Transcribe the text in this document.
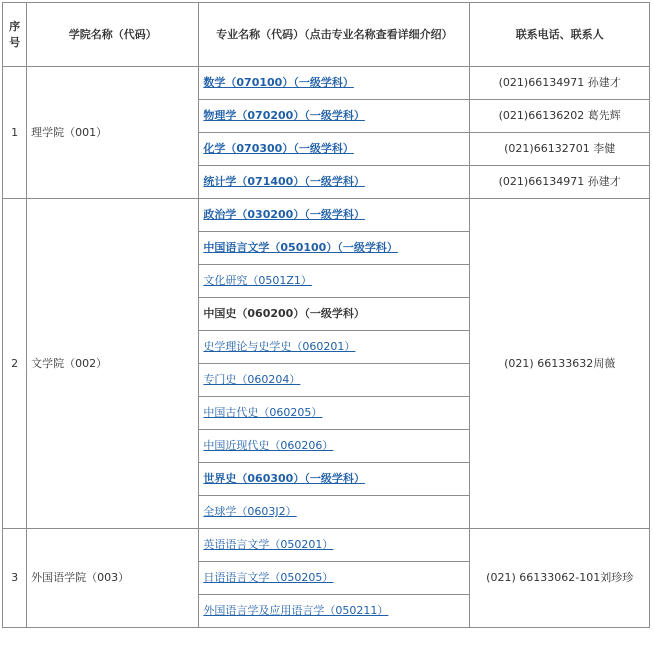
序号	学院名称（代码）	专业名称（代码）（点击专业名称查看详细介绍）	联系电话、联系人
1	理学院（001）	数学（070100）（一级学科）	(021)66134971 孙建才
		物理学（070200）（一级学科）	(021)66136202 葛先辉
		化学（070300）（一级学科）	(021)66132701 李健
		统计学（071400）（一级学科）	(021)66134971 孙建才
2	文学院（002）	政治学（030200）（一级学科）	(021) 66133632周薇
		中国语言文学（050100）（一级学科）	
		文化研究（0501Z1）	
		中国史（060200）（一级学科）	
		史学理论与史学史（060201）	
		专门史（060204）	
		中国古代史（060205）	
		中国近现代史（060206）	
		世界史（060300）（一级学科）	
		全球学（0603J2）	
3	外国语学院（003）	英语语言文学（050201）	(021) 66133062-101刘珍珍
		日语语言文学（050205）	
		外国语言学及应用语言学（050211）	
